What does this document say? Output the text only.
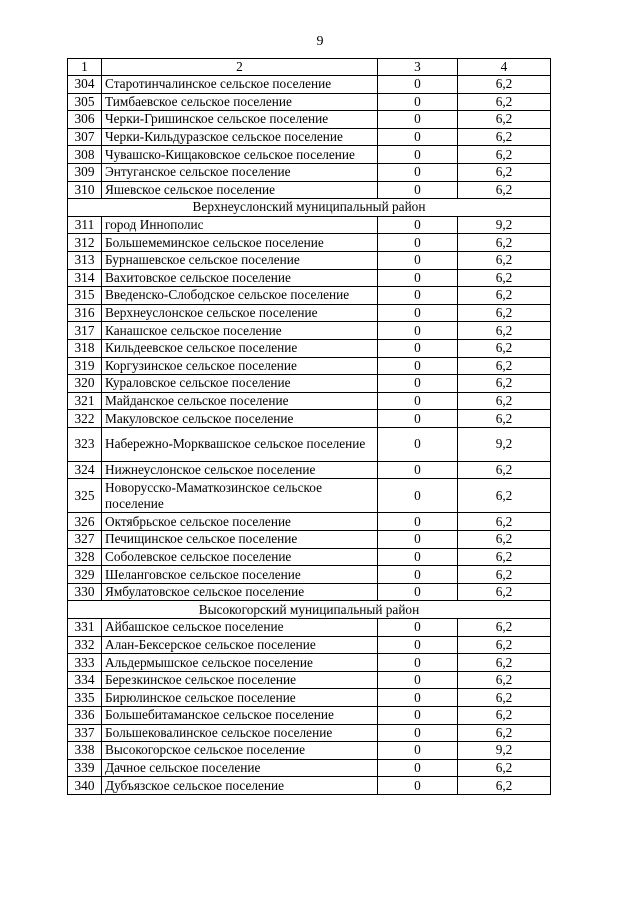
9
1	2	3	4
304	Старотинчалинское сельское поселение	0	6,2
305	Тимбаевское сельское поселение	0	6,2
306	Черки-Гришинское сельское поселение	0	6,2
307	Черки-Кильдуразское сельское поселение	0	6,2
308	Чувашско-Кищаковское сельское поселение	0	6,2
309	Энтуганское сельское поселение	0	6,2
310	Яшевское сельское поселение	0	6,2
Верхнеуслонский муниципальный район			
311	город Иннополис	0	9,2
312	Большемеминское сельское поселение	0	6,2
313	Бурнашевское сельское поселение	0	6,2
314	Вахитовское сельское поселение	0	6,2
315	Введенско-Слободское сельское поселение	0	6,2
316	Верхнеуслонское сельское поселение	0	6,2
317	Канашское сельское поселение	0	6,2
318	Кильдеевское сельское поселение	0	6,2
319	Коргузинское сельское поселение	0	6,2
320	Кураловское сельское поселение	0	6,2
321	Майданское сельское поселение	0	6,2
322	Макуловское сельское поселение	0	6,2
323	Набережно-Морквашское сельское поселение	0	9,2
324	Нижнеуслонское сельское поселение	0	6,2
325	Новорусско-Маматкозинское сельское поселение	0	6,2
326	Октябрьское сельское поселение	0	6,2
327	Печищинское сельское поселение	0	6,2
328	Соболевское сельское поселение	0	6,2
329	Шеланговское сельское поселение	0	6,2
330	Ямбулатовское сельское поселение	0	6,2
Высокогорский муниципальный район			
331	Айбашское сельское поселение	0	6,2
332	Алан-Бексерское сельское поселение	0	6,2
333	Альдермышское сельское поселение	0	6,2
334	Березкинское сельское поселение	0	6,2
335	Бирюлинское сельское поселение	0	6,2
336	Большебитаманское сельское поселение	0	6,2
337	Большековалинское сельское поселение	0	6,2
338	Высокогорское сельское поселение	0	9,2
339	Дачное сельское поселение	0	6,2
340	Дубъязское сельское поселение	0	6,2
